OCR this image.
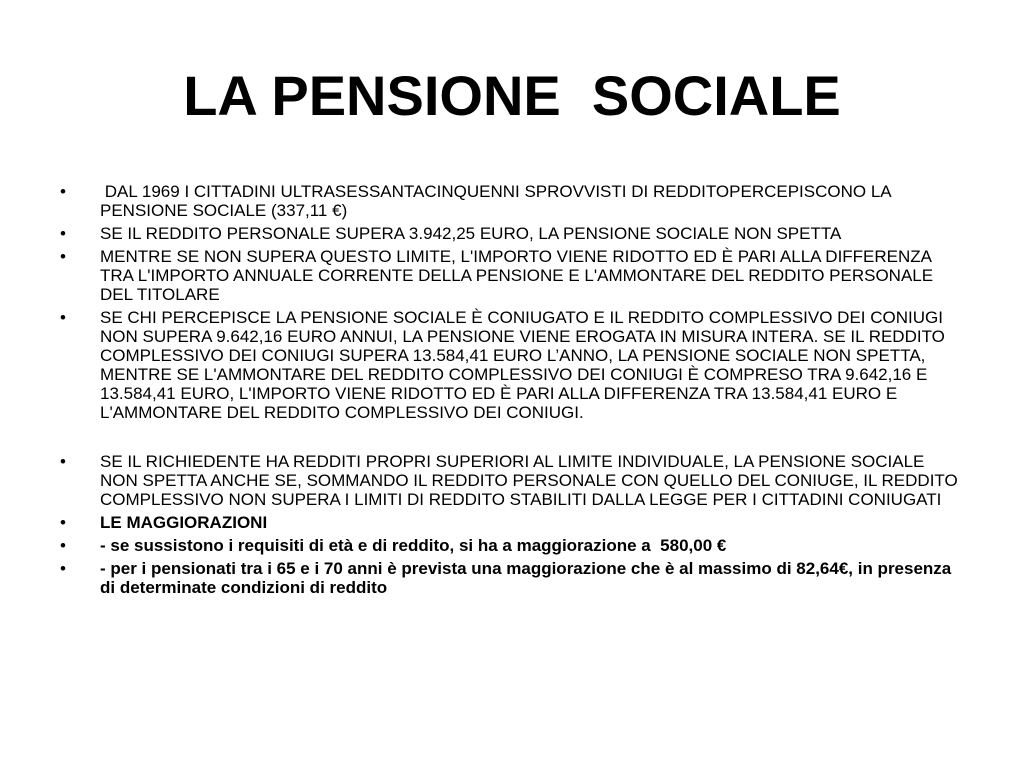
LA PENSIONE  SOCIALE
•	DAL 1969 I CITTADINI ULTRASESSANTACINQUENNI SPROVVISTI DI REDDITOPERCEPISCONO LA PENSIONE SOCIALE (337,11 €)
•	SE IL REDDITO PERSONALE SUPERA 3.942,25 EURO, LA PENSIONE SOCIALE NON SPETTA
•	MENTRE SE NON SUPERA QUESTO LIMITE, L'IMPORTO VIENE RIDOTTO ED È PARI ALLA DIFFERENZA TRA L'IMPORTO ANNUALE CORRENTE DELLA PENSIONE E L'AMMONTARE DEL REDDITO PERSONALE DEL TITOLARE
•	SE CHI PERCEPISCE LA PENSIONE SOCIALE È CONIUGATO E IL REDDITO COMPLESSIVO DEI CONIUGI NON SUPERA 9.642,16 EURO ANNUI, LA PENSIONE VIENE EROGATA IN MISURA INTERA. SE IL REDDITO COMPLESSIVO DEI CONIUGI SUPERA 13.584,41 EURO L’ANNO, LA PENSIONE SOCIALE NON SPETTA, MENTRE SE L'AMMONTARE DEL REDDITO COMPLESSIVO DEI CONIUGI È COMPRESO TRA 9.642,16 E 13.584,41 EURO, L'IMPORTO VIENE RIDOTTO ED È PARI ALLA DIFFERENZA TRA 13.584,41 EURO E L'AMMONTARE DEL REDDITO COMPLESSIVO DEI CONIUGI.
•	SE IL RICHIEDENTE HA REDDITI PROPRI SUPERIORI AL LIMITE INDIVIDUALE, LA PENSIONE SOCIALE NON SPETTA ANCHE SE, SOMMANDO IL REDDITO PERSONALE CON QUELLO DEL CONIUGE, IL REDDITO COMPLESSIVO NON SUPERA I LIMITI DI REDDITO STABILITI DALLA LEGGE PER I CITTADINI CONIUGATI
•	LE MAGGIORAZIONI
•	- se sussistono i requisiti di età e di reddito, si ha a maggiorazione a  580,00 €
•	- per i pensionati tra i 65 e i 70 anni è prevista una maggiorazione che è al massimo di 82,64€, in presenza di determinate condizioni di reddito
